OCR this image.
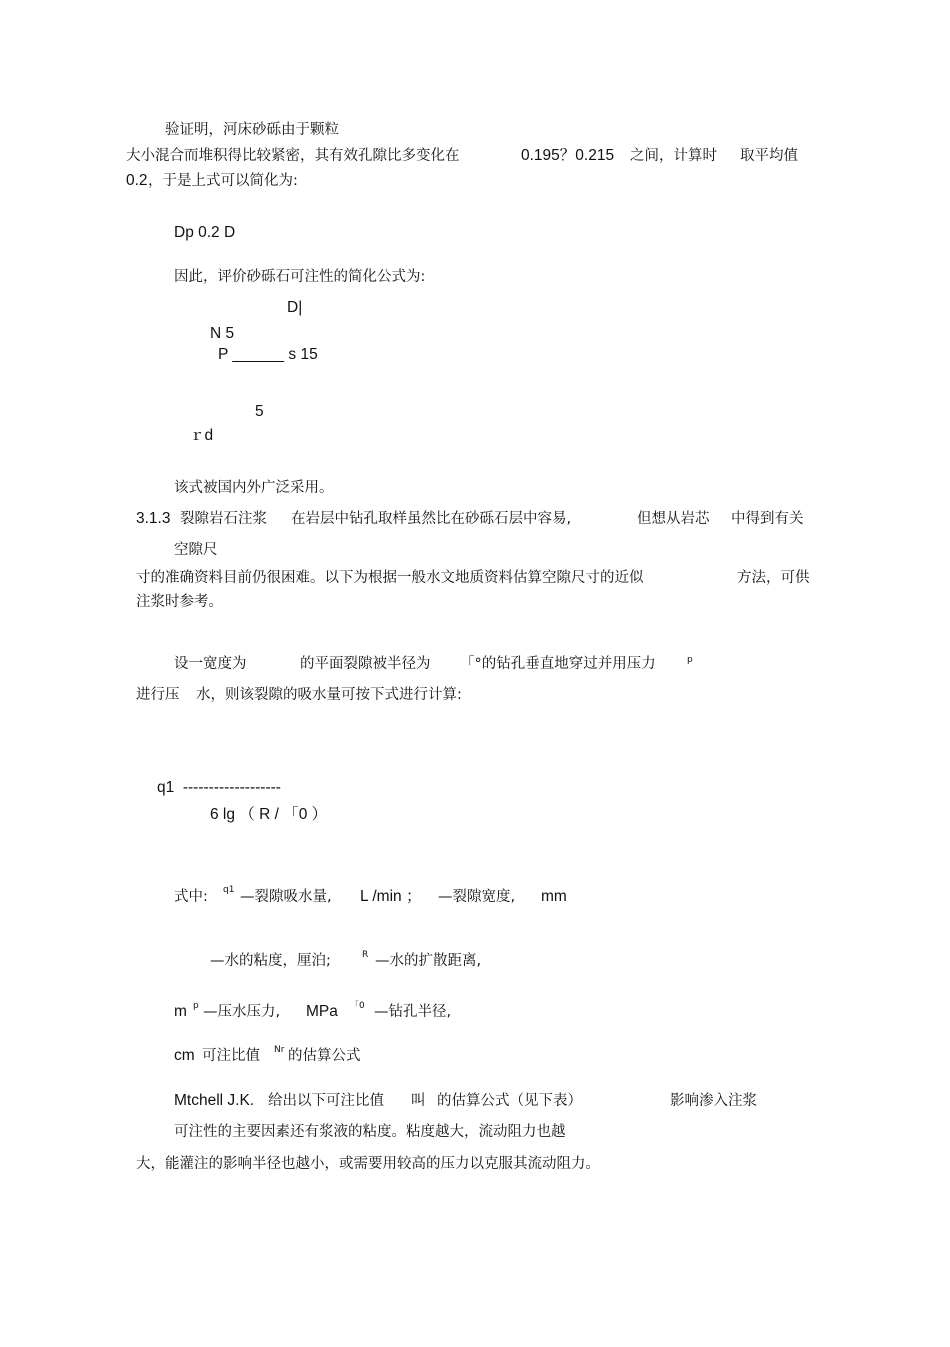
验证明，河床砂砾由于颗粒
大小混合而堆积得比较紧密，其有效孔隙比多变化在	0.195？0.215 之间，计算时 取平均值
0.2 ，于是上式可以简化为:
Dp 0.2 D
因此，评价砂砾石可注性的简化公式为:
D|
N 5
P ______ s 15
5
ｒd
该式被国内外广泛采用。
3.1.3 裂隙岩石注浆 在岩层中钻孔取样虽然比在砂砾石层中容易,	但想从岩芯 中得到有关
空隙尺
寸的准确资料目前仍很困难。以下为根据一般水文地质资料估算空隙尺寸的近似	方法，可供
注浆时参考。
设一宽度为	的平面裂隙被半径为 「°的钻孔垂直地穿过并用压力	p
进行压 水，则该裂隙的吸水量可按下式进行计算:
q1  -------------------
6 lg （ R / 「0 ）
式中: q1 —裂隙吸水量, L /min ； —裂隙宽度, mm
—水的粘度，厘泊;	R —水的扩散距离,
m p —压水压力, MPa 「0 —钻孔半径,
cm 可注比值 Nr 的估算公式
Mtchell J.K. 给出以下可注比值 叫 的估算公式（见下表）	影响渗入注浆
可注性的主要因素还有浆液的粘度。粘度越大，流动阻力也越
大，能灌注的影响半径也越小，或需要用较高的压力以克服其流动阻力。
